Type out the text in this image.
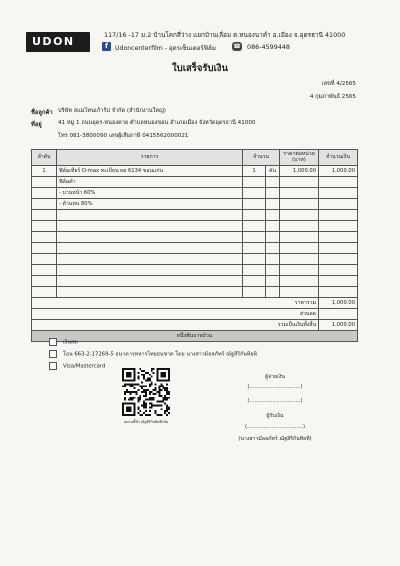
UDON	117/16 -17 ม.2 บ้านโคกสี่ว่าง แยกบ้านเลื่อม ต.หนองนาคำ อ.เมือง จ.อุดรธานี 41000
f	Udoncenterfilm - อุดรเซ็นเตอร์ฟิล์ม	☎ 086-4599448
ใบเสร็จรับเงิน
เลขที่ 4/2565
4 กุมภาพันธ์ 2565
ชื่อลูกค้า บริษัท สแมโทนเก้าร์ป จำกัด (สำนักงานใหญ่)
ที่อยู่	41 หมู่ 1 ถนนอุดร-หนองคาย ตำบลหนองขอน อำเภอเมือง จังหวัดอุดรธานี 41000
โทร 081-3800090 เลขผู้เสียภาษี 0415562000021
ลำดับ	รายการ	จำนวน		ราคาต่อหน่วย (บาท)	จำนวนเงิน
1	ฟิล์มเทียร์ D-max ทะเบียน ผย 6134 ขอนแก่น	1	คัน	1,000.00	1,000.00
	ฟิล์มดำ				
	- บานหน้า 60%				
	- ด้านหน 80%				

ราคารวม					1,000.00
ส่วนลด					
รวมเป็นเงินทั้งสิ้น					1,000.00
หนึ่งพันบาทถ้วน					
เงินสด
โอน 663-2-17269-5 ธนาคารทหารไทยธนชาต โดย นางสาวมัลลภัทร์ ณัฐสิริกันทิยทิ
Visa/Mastercard
สแกนนี้ทำ ณัฐสิริกันทิยทิรจัด
ผู้จ่ายเงิน
(...............................)
(...............................)
ผู้รับเงิน
(..................................)
(นางสาวมัลลภัทร์ ณัฐสิริกันทิยทิ)
